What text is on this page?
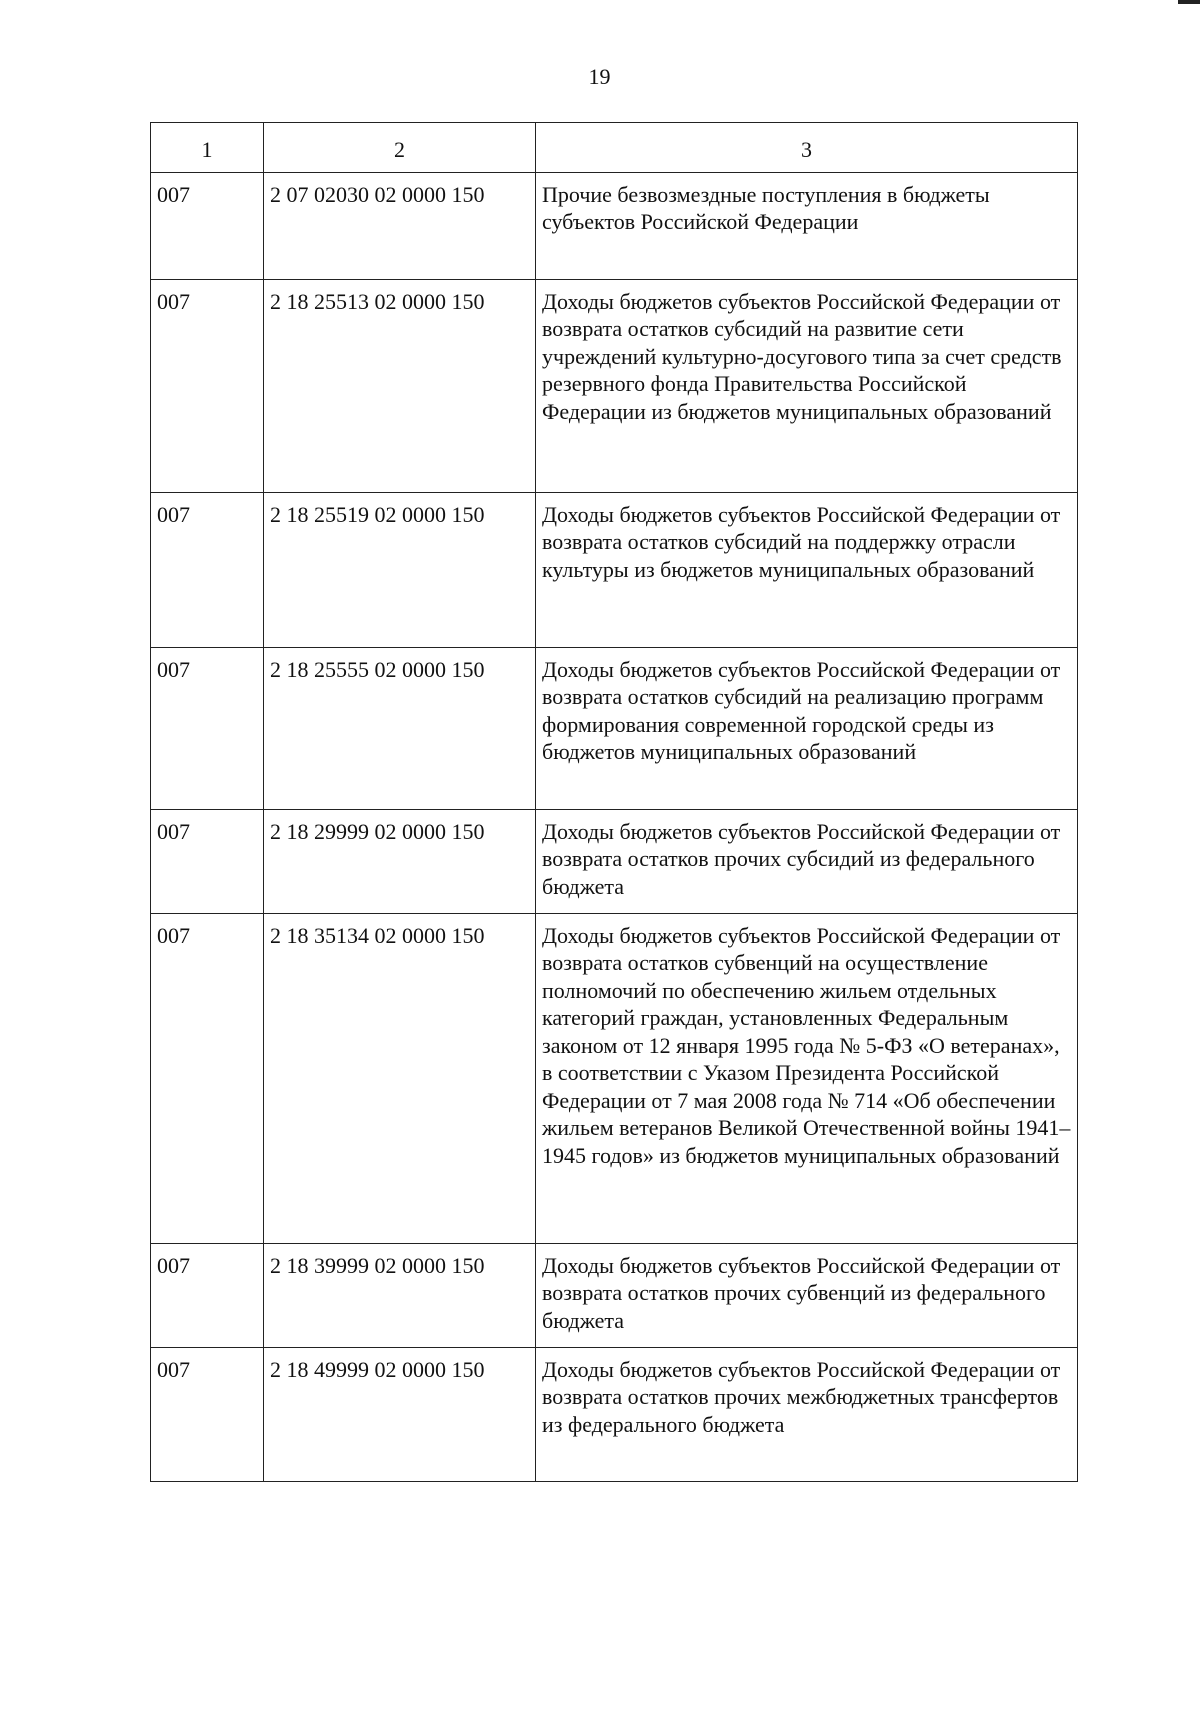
19
1	2	3
007	2 07 02030 02 0000 150	Прочие безвозмездные поступления в бюджеты субъектов Российской Федерации
007	2 18 25513 02 0000 150	Доходы бюджетов субъектов Российской Федерации от возврата остатков субсидий на развитие сети учреждений культурно-досугового типа за счет средств резервного фонда Правительства Российской Федерации из бюджетов муниципальных образований
007	2 18 25519 02 0000 150	Доходы бюджетов субъектов Российской Федерации от возврата остатков субсидий на поддержку отрасли культуры из бюджетов муниципальных образований
007	2 18 25555 02 0000 150	Доходы бюджетов субъектов Российской Федерации от возврата остатков субсидий на реализацию программ формирования современной городской среды из бюджетов муниципальных образований
007	2 18 29999 02 0000 150	Доходы бюджетов субъектов Российской Федерации от возврата остатков прочих субсидий из федерального бюджета
007	2 18 35134 02 0000 150	Доходы бюджетов субъектов Российской Федерации от возврата остатков субвенций на осуществление полномочий по обеспечению жильем отдельных категорий граждан, установленных Федеральным законом от 12 января 1995 года № 5-ФЗ «О ветеранах», в соответствии с Указом Президента Российской Федерации от 7 мая 2008 года № 714 «Об обеспечении жильем ветеранов Великой Отечественной войны 1941–1945 годов» из бюджетов муниципальных образований
007	2 18 39999 02 0000 150	Доходы бюджетов субъектов Российской Федерации от возврата остатков прочих субвенций из федерального бюджета
007	2 18 49999 02 0000 150	Доходы бюджетов субъектов Российской Федерации от возврата остатков прочих межбюджетных трансфертов из федерального бюджета
